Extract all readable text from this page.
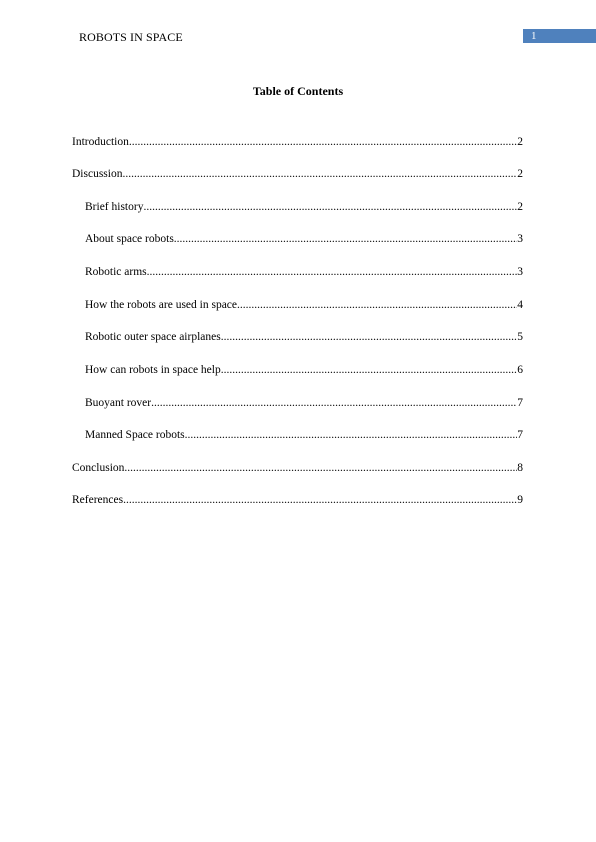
ROBOTS IN SPACE	1
Table of Contents
Introduction .....	2
Discussion .....	2
Brief history .....	2
About space robots .....	3
Robotic arms .....	3
How the robots are used in space .....	4
Robotic outer space airplanes .....	5
How can robots in space help .....	6
Buoyant rover .....	7
Manned Space robots .....	7
Conclusion .....	8
References .....	9
